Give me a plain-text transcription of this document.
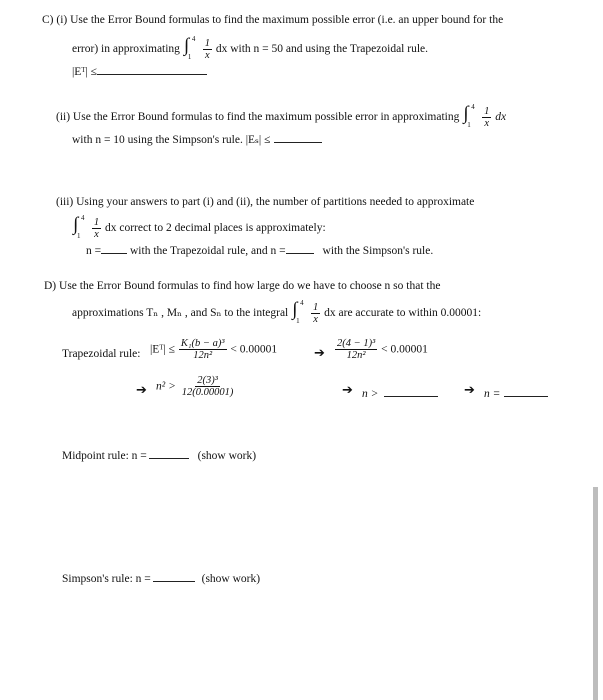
C) (i) Use the Error Bound formulas to find the maximum possible error (i.e. an upper bound for the
error) in approximating ∫ 4
1
$\frac{1}{x}$ dx with n = 50 and using the Trapezoidal rule.
|Eᵀ| ≤
(ii) Use the Error Bound formulas to find the maximum possible error in approximating ∫ 4
1
$\frac{1}{x}$ dx
with n = 10 using the Simpson's rule. |Eₛ| ≤
(iii) Using your answers to part (i) and (ii), the number of partitions needed to approximate
∫ 4
1
$\frac{1}{x}$ dx correct to 2 decimal places is approximately:
n =	with the Trapezoidal rule, and n =	with the Simpson's rule.
D) Use the Error Bound formulas to find how large do we have to choose n so that the
approximations Tₙ , Mₙ , and Sₙ to the integral ∫ 4
1
$\frac{1}{x}$ dx are accurate to within 0.00001:
Trapezoidal rule: |Eᵀ| ≤ $\frac{\text{K₁(b − a)³}}{\text{12n²}} < 0.00001$	➔ $\frac{\text{2(4 − 1)³}}{\text{12n²}} < 0.00001$
➔ $n^2 > \frac{\text{2(3)³}}{12(0.00001)}$	➔ n >	➔ n =
Midpoint rule: n =	(show work)
Simpson's rule: n =	(show work)
